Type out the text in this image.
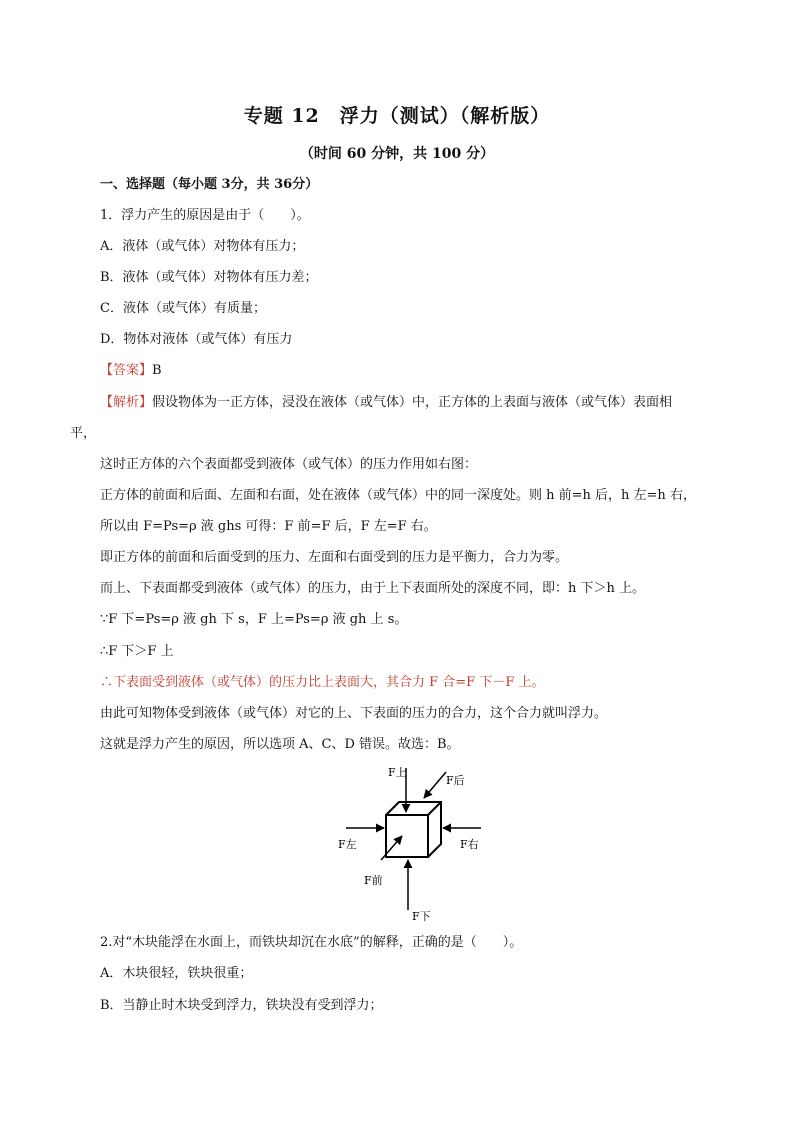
专题 12　浮力（测试）（解析版）
（时间 60 分钟，共 100 分）
一、选择题（每小题 3分，共 36分）
1．浮力产生的原因是由于（　　）。
A．液体（或气体）对物体有压力；
B．液体（或气体）对物体有压力差；
C．液体（或气体）有质量；
D．物体对液体（或气体）有压力
【答案】B
【解析】假设物体为一正方体，浸没在液体（或气体）中，正方体的上表面与液体（或气体）表面相
平，
这时正方体的六个表面都受到液体（或气体）的压力作用如右图：
正方体的前面和后面、左面和右面，处在液体（或气体）中的同一深度处。则 h 前=h 后，h 左=h 右，
所以由 F=Ps=ρ 液 ghs 可得：F 前=F 后，F 左=F 右。
即正方体的前面和后面受到的压力、左面和右面受到的压力是平衡力，合力为零。
而上、下表面都受到液体（或气体）的压力，由于上下表面所处的深度不同，即：h 下＞h 上。
∵F 下=Ps=ρ 液 gh 下 s，F 上=Ps=ρ 液 gh 上 s。
∴F 下＞F 上
∴下表面受到液体（或气体）的压力比上表面大，其合力 F 合=F 下－F 上。
由此可知物体受到液体（或气体）对它的上、下表面的压力的合力，这个合力就叫浮力。
这就是浮力产生的原因，所以选项 A、C、D 错误。故选：B。
F上
F后
F左	F右
F前
F下
2.对“木块能浮在水面上，而铁块却沉在水底”的解释，正确的是（　　）。
A．木块很轻，铁块很重；
B．当静止时木块受到浮力，铁块没有受到浮力；
